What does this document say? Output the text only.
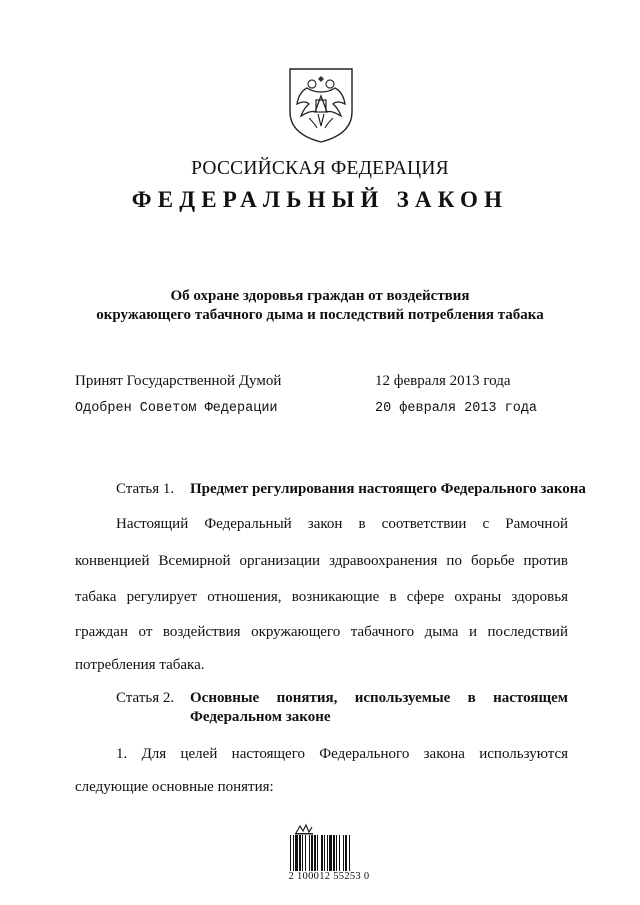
РОССИЙСКАЯ ФЕДЕРАЦИЯ
ФЕДЕРАЛЬНЫЙ ЗАКОН
Об охране здоровья граждан от воздействия
окружающего табачного дыма и последствий потребления табака
Принят Государственной Думой	12 февраля 2013 года
Одобрен Советом Федерации	20 февраля 2013 года
Статья 1. Предмет регулирования настоящего Федерального закона
Настоящий Федеральный закон в соответствии с Рамочной
конвенцией Всемирной организации здравоохранения по борьбе против
табака регулирует отношения, возникающие в сфере охраны здоровья
граждан от воздействия окружающего табачного дыма и последствий
потребления табака.
Статья 2. Основные понятия, используемые в настоящем
Федеральном законе
1. Для целей настоящего Федерального закона используются
следующие основные понятия:
2 100012 55253 0
